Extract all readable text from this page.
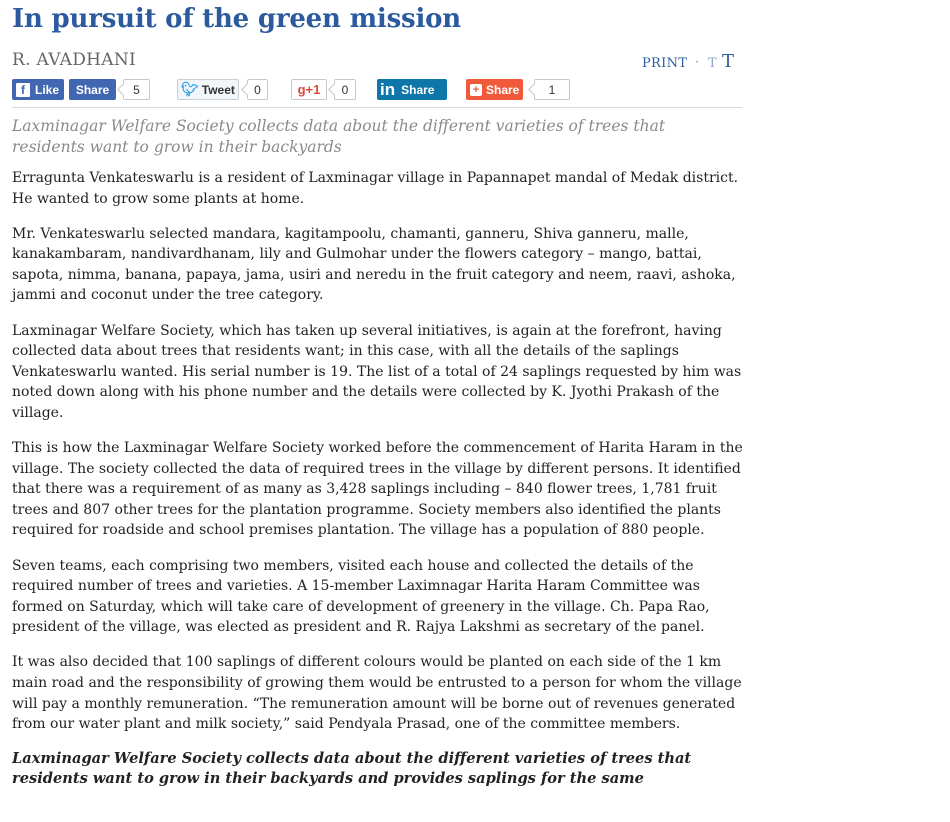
In pursuit of the green mission
R. AVADHANI	PRINT · T T
f Like Share	5	🐦︎ Tweet	0	g+1	0	in Share	+ Share	1

Laxminagar Welfare Society collects data about the different varieties of trees that residents want to grow in their backyards

Erragunta Venkateswarlu is a resident of Laxminagar village in Papannapet mandal of Medak district. He wanted to grow some plants at home.

Mr. Venkateswarlu selected mandara, kagitampoolu, chamanti, ganneru, Shiva ganneru, malle, kanakambaram, nandivardhanam, lily and Gulmohar under the flowers category – mango, battai, sapota, nimma, banana, papaya, jama, usiri and neredu in the fruit category and neem, raavi, ashoka, jammi and coconut under the tree category.

Laxminagar Welfare Society, which has taken up several initiatives, is again at the forefront, having collected data about trees that residents want; in this case, with all the details of the saplings Venkateswarlu wanted. His serial number is 19. The list of a total of 24 saplings requested by him was noted down along with his phone number and the details were collected by K. Jyothi Prakash of the village.

This is how the Laxminagar Welfare Society worked before the commencement of Harita Haram in the village. The society collected the data of required trees in the village by different persons. It identified that there was a requirement of as many as 3,428 saplings including – 840 flower trees, 1,781 fruit trees and 807 other trees for the plantation programme. Society members also identified the plants required for roadside and school premises plantation. The village has a population of 880 people.

Seven teams, each comprising two members, visited each house and collected the details of the required number of trees and varieties. A 15-member Laximnagar Harita Haram Committee was formed on Saturday, which will take care of development of greenery in the village. Ch. Papa Rao, president of the village, was elected as president and R. Rajya Lakshmi as secretary of the panel.

It was also decided that 100 saplings of different colours would be planted on each side of the 1 km main road and the responsibility of growing them would be entrusted to a person for whom the village will pay a monthly remuneration. “The remuneration amount will be borne out of revenues generated from our water plant and milk society,” said Pendyala Prasad, one of the committee members.

Laxminagar Welfare Society collects data about the different varieties of trees that residents want to grow in their backyards and provides saplings for the same
